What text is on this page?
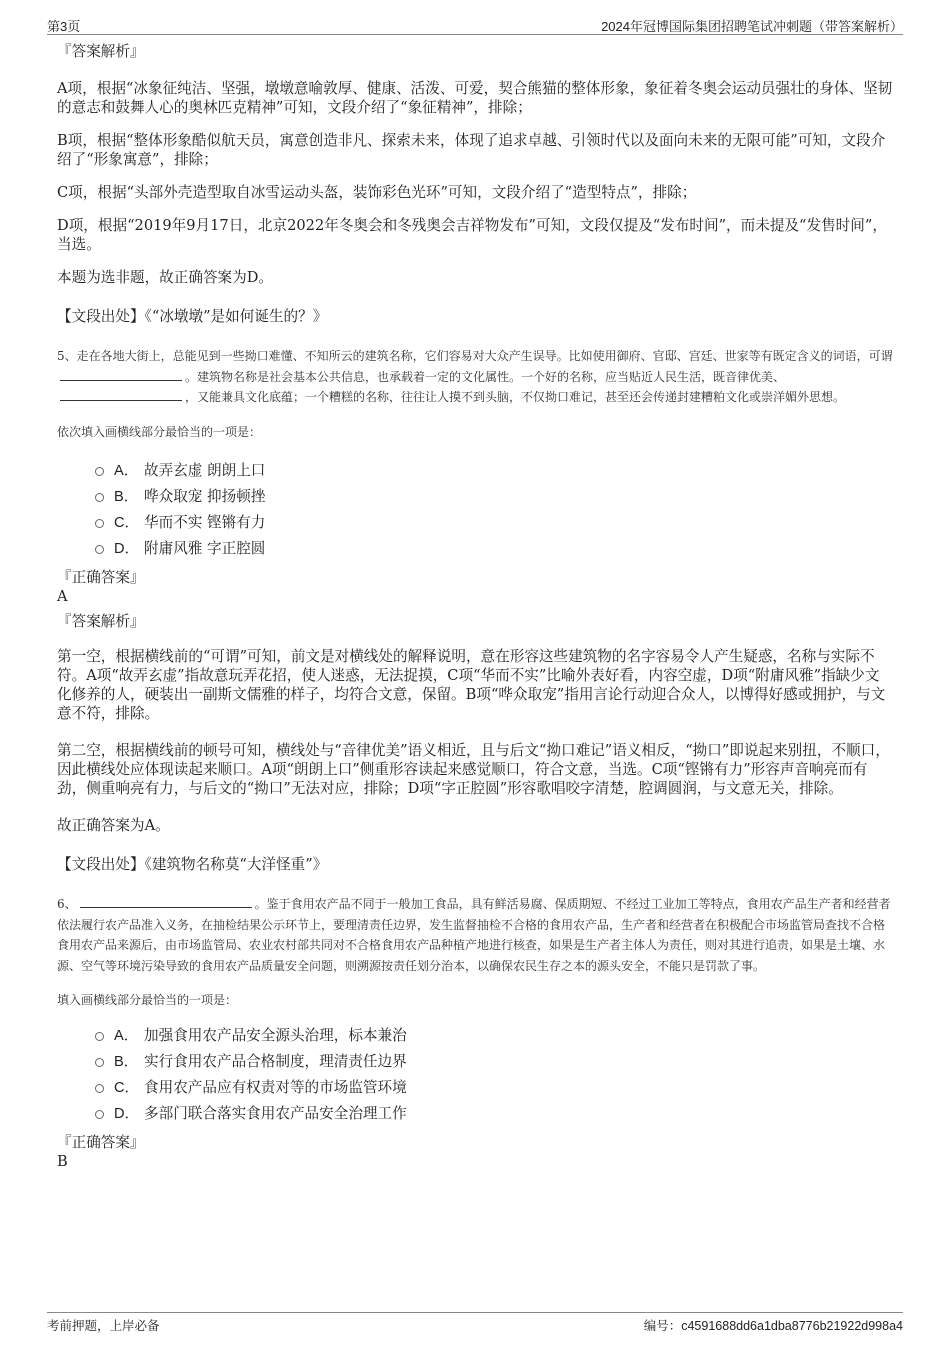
第3页	2024年冠博国际集团招聘笔试冲刺题（带答案解析）
『答案解析』

A项，根据“冰象征纯洁、坚强，墩墩意喻敦厚、健康、活泼、可爱，契合熊猫的整体形象，象征着冬奥会运动员强壮的身体、坚韧的意志和鼓舞人心的奥林匹克精神”可知，文段介绍了“象征精神”，排除；

B项，根据“整体形象酷似航天员，寓意创造非凡、探索未来，体现了追求卓越、引领时代以及面向未来的无限可能”可知，文段介绍了“形象寓意”，排除；

C项，根据“头部外壳造型取自冰雪运动头盔，装饰彩色光环”可知，文段介绍了“造型特点”，排除；

D项，根据“2019年9月17日，北京2022年冬奥会和冬残奥会吉祥物发布”可知，文段仅提及“发布时间”，而未提及“发售时间”，当选。

本题为选非题，故正确答案为D。

【文段出处】《“冰墩墩”是如何诞生的？》

5、走在各地大街上，总能见到一些拗口难懂、不知所云的建筑名称，它们容易对大众产生误导。比如使用御府、官邸、宫廷、世家等有既定含义的词语，可谓。建筑物名称是社会基本公共信息，也承载着一定的文化属性。一个好的名称，应当贴近人民生活，既音律优美、，又能兼具文化底蕴；一个糟糕的名称，往往让人摸不到头脑，不仅拗口难记，甚至还会传递封建糟粕文化或崇洋媚外思想。

依次填入画横线部分最恰当的一项是：

A． 故弄玄虚 朗朗上口
B． 哗众取宠 抑扬顿挫
C． 华而不实 铿锵有力
D． 附庸风雅 字正腔圆
『正确答案』
A
『答案解析』

第一空，根据横线前的“可谓”可知，前文是对横线处的解释说明，意在形容这些建筑物的名字容易令人产生疑惑，名称与实际不符。A项“故弄玄虚”指故意玩弄花招，使人迷惑，无法捉摸，C项“华而不实”比喻外表好看，内容空虚，D项“附庸风雅”指缺少文化修养的人，硬装出一副斯文儒雅的样子，均符合文意，保留。B项“哗众取宠”指用言论行动迎合众人，以博得好感或拥护，与文意不符，排除。

第二空，根据横线前的顿号可知，横线处与“音律优美”语义相近，且与后文“拗口难记”语义相反，“拗口”即说起来别扭，不顺口，因此横线处应体现读起来顺口。A项“朗朗上口”侧重形容读起来感觉顺口，符合文意，当选。C项“铿锵有力”形容声音响亮而有劲，侧重响亮有力，与后文的“拗口”无法对应，排除；D项“字正腔圆”形容歌唱咬字清楚，腔调圆润，与文意无关，排除。

故正确答案为A。

【文段出处】《建筑物名称莫“大洋怪重”》

6、	。鉴于食用农产品不同于一般加工食品，具有鲜活易腐、保质期短、不经过工业加工等特点，食用农产品生产者和经营者依法履行农产品准入义务，在抽检结果公示环节上，要理清责任边界，发生监督抽检不合格的食用农产品，生产者和经营者在积极配合市场监管局查找不合格食用农产品来源后，由市场监管局、农业农村部共同对不合格食用农产品种植产地进行核查，如果是生产者主体人为责任，则对其进行追责，如果是土壤、水源、空气等环境污染导致的食用农产品质量安全问题，则溯源按责任划分治本，以确保农民生存之本的源头安全，不能只是罚款了事。

填入画横线部分最恰当的一项是：

A． 加强食用农产品安全源头治理，标本兼治
B． 实行食用农产品合格制度，理清责任边界
C． 食用农产品应有权责对等的市场监管环境
D． 多部门联合落实食用农产品安全治理工作
『正确答案』
B
考前押题，上岸必备	编号：c4591688dd6a1dba8776b21922d998a4
